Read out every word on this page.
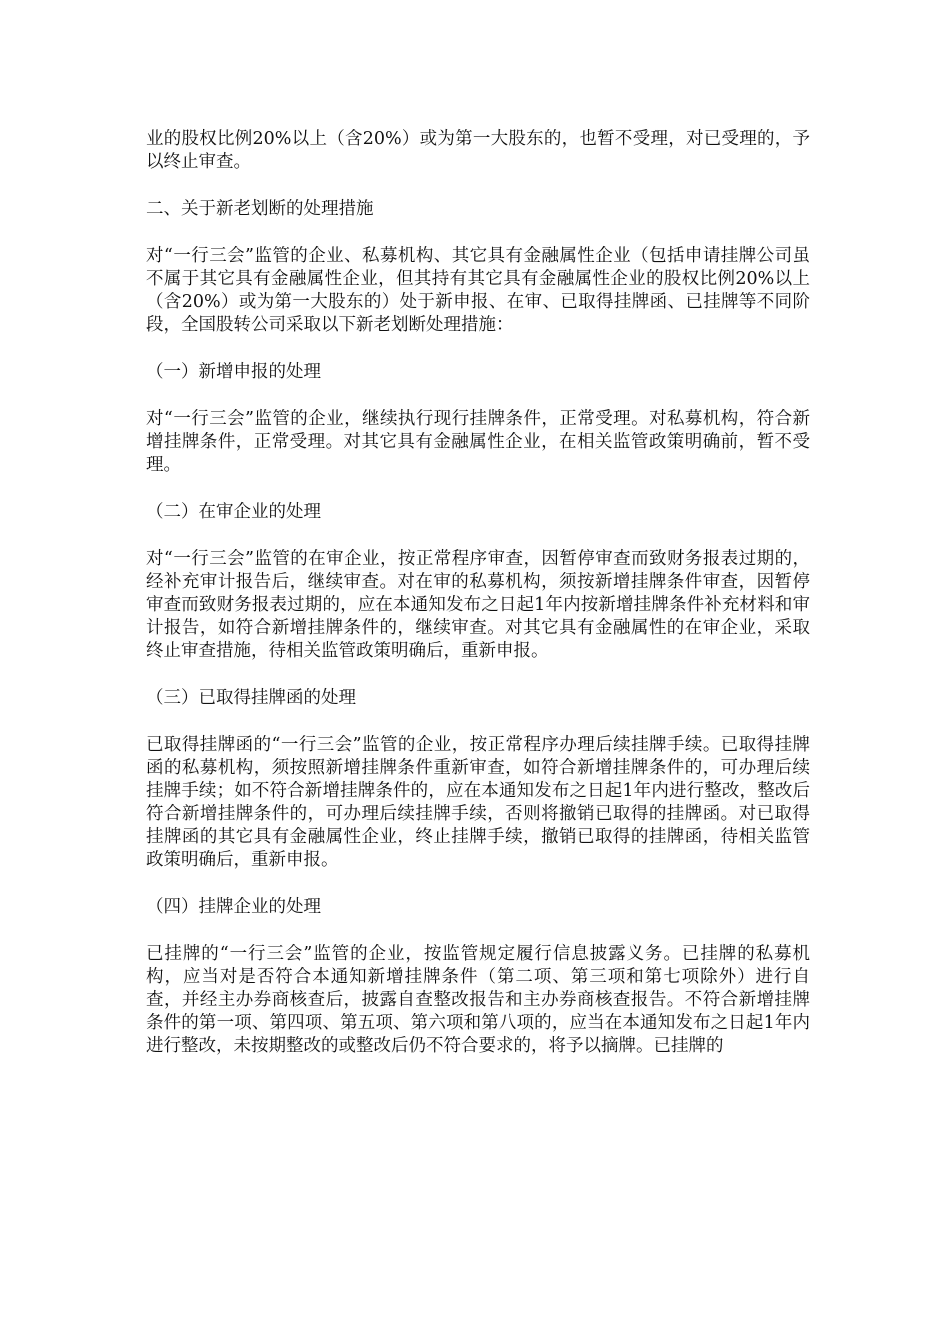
业的股权比例20%以上（含20%）或为第一大股东的，也暂不受理，对已受理的，予以终止审查。

二、关于新老划断的处理措施

对“一行三会”监管的企业、私募机构、其它具有金融属性企业（包括申请挂牌公司虽不属于其它具有金融属性企业，但其持有其它具有金融属性企业的股权比例20%以上（含20%）或为第一大股东的）处于新申报、在审、已取得挂牌函、已挂牌等不同阶段，全国股转公司采取以下新老划断处理措施：

（一）新增申报的处理

对“一行三会”监管的企业，继续执行现行挂牌条件，正常受理。对私募机构，符合新增挂牌条件，正常受理。对其它具有金融属性企业，在相关监管政策明确前，暂不受理。

（二）在审企业的处理

对“一行三会”监管的在审企业，按正常程序审查，因暂停审查而致财务报表过期的，经补充审计报告后，继续审查。对在审的私募机构，须按新增挂牌条件审查，因暂停审查而致财务报表过期的，应在本通知发布之日起1年内按新增挂牌条件补充材料和审计报告，如符合新增挂牌条件的，继续审查。对其它具有金融属性的在审企业，采取终止审查措施，待相关监管政策明确后，重新申报。

（三）已取得挂牌函的处理

已取得挂牌函的“一行三会”监管的企业，按正常程序办理后续挂牌手续。已取得挂牌函的私募机构，须按照新增挂牌条件重新审查，如符合新增挂牌条件的，可办理后续挂牌手续；如不符合新增挂牌条件的，应在本通知发布之日起1年内进行整改，整改后符合新增挂牌条件的，可办理后续挂牌手续，否则将撤销已取得的挂牌函。对已取得挂牌函的其它具有金融属性企业，终止挂牌手续，撤销已取得的挂牌函，待相关监管政策明确后，重新申报。

（四）挂牌企业的处理

已挂牌的“一行三会”监管的企业，按监管规定履行信息披露义务。已挂牌的私募机构，应当对是否符合本通知新增挂牌条件（第二项、第三项和第七项除外）进行自查，并经主办券商核查后，披露自查整改报告和主办券商核查报告。不符合新增挂牌条件的第一项、第四项、第五项、第六项和第八项的，应当在本通知发布之日起1年内进行整改，未按期整改的或整改后仍不符合要求的，将予以摘牌。已挂牌的
